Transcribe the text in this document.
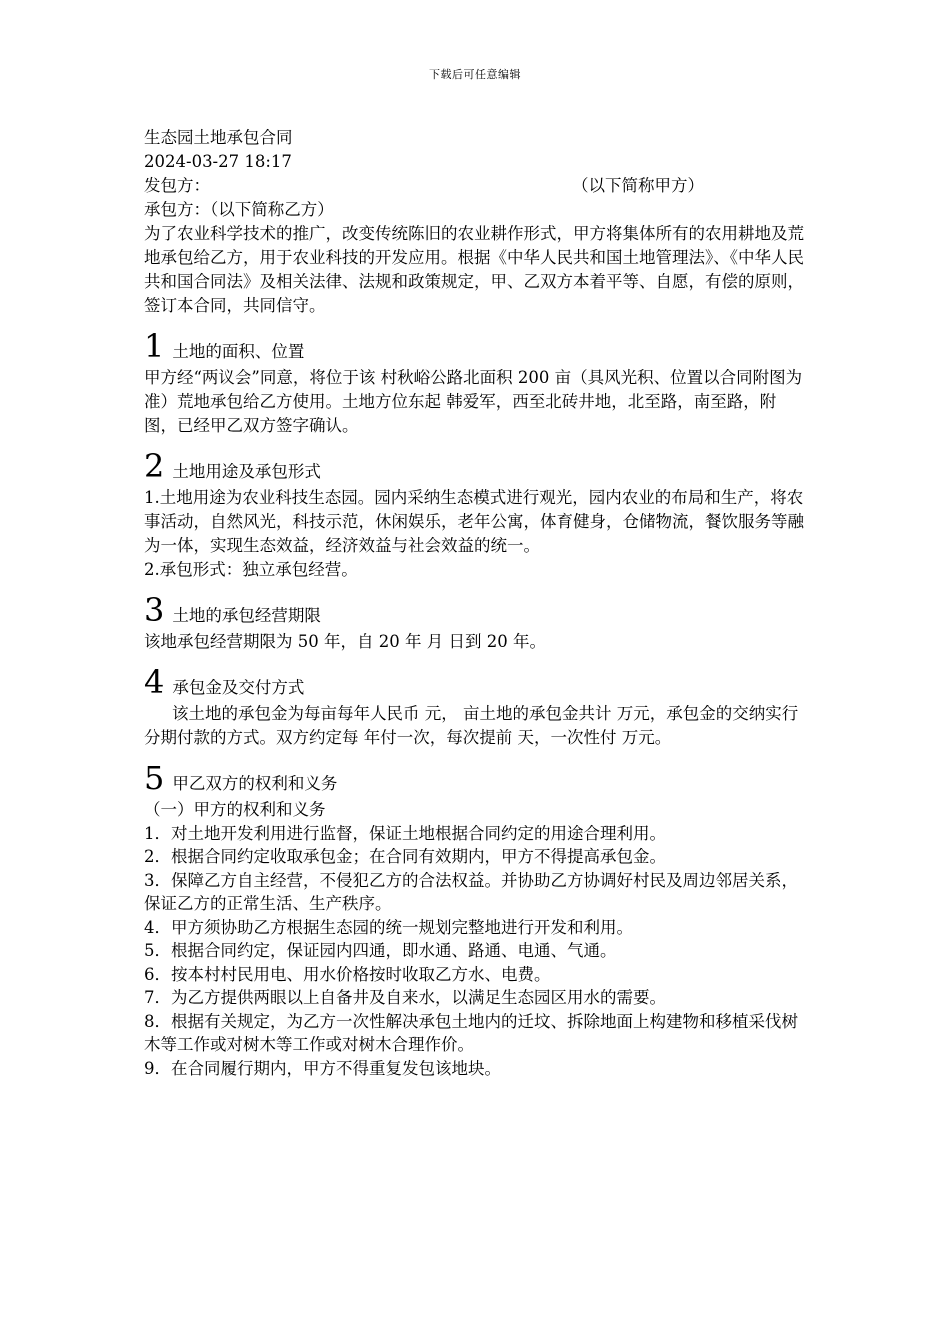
下载后可任意编辑
生态园土地承包合同
2024-03-27 18:17
发包方：	（以下简称甲方）
承包方：（以下简称乙方）
为了农业科学技术的推广，改变传统陈旧的农业耕作形式，甲方将集体所有的农用耕地及荒地承包给乙方，用于农业科技的开发应用。根据《中华人民共和国土地管理法》、《中华人民共和国合同法》及相关法律、法规和政策规定，甲、乙双方本着平等、自愿，有偿的原则，签订本合同，共同信守。
1 土地的面积、位置
甲方经“两议会”同意，将位于该 村秋峪公路北面积 200 亩（具风光积、位置以合同附图为准）荒地承包给乙方使用。土地方位东起 韩爱军，西至北砖井地，北至路，南至路，附图，已经甲乙双方签字确认。
2 土地用途及承包形式
1.土地用途为农业科技生态园。园内采纳生态模式进行观光，园内农业的布局和生产，将农事活动，自然风光，科技示范，休闲娱乐，老年公寓，体育健身，仓储物流，餐饮服务等融为一体，实现生态效益，经济效益与社会效益的统一。
2.承包形式：独立承包经营。
3 土地的承包经营期限
该地承包经营期限为 50 年，自 20 年 月 日到 20 年。
4 承包金及交付方式
该土地的承包金为每亩每年人民币 元， 亩土地的承包金共计 万元，承包金的交纳实行分期付款的方式。双方约定每 年付一次，每次提前 天，一次性付 万元。
5 甲乙双方的权利和义务
（一）甲方的权利和义务
1．对土地开发利用进行监督，保证土地根据合同约定的用途合理利用。
2．根据合同约定收取承包金；在合同有效期内，甲方不得提高承包金。
3．保障乙方自主经营，不侵犯乙方的合法权益。并协助乙方协调好村民及周边邻居关系，保证乙方的正常生活、生产秩序。
4．甲方须协助乙方根据生态园的统一规划完整地进行开发和利用。
5．根据合同约定，保证园内四通，即水通、路通、电通、气通。
6．按本村村民用电、用水价格按时收取乙方水、电费。
7．为乙方提供两眼以上自备井及自来水，以满足生态园区用水的需要。
8．根据有关规定，为乙方一次性解决承包土地内的迁坟、拆除地面上构建物和移植采伐树木等工作或对树木等工作或对树木合理作价。
9．在合同履行期内，甲方不得重复发包该地块。
